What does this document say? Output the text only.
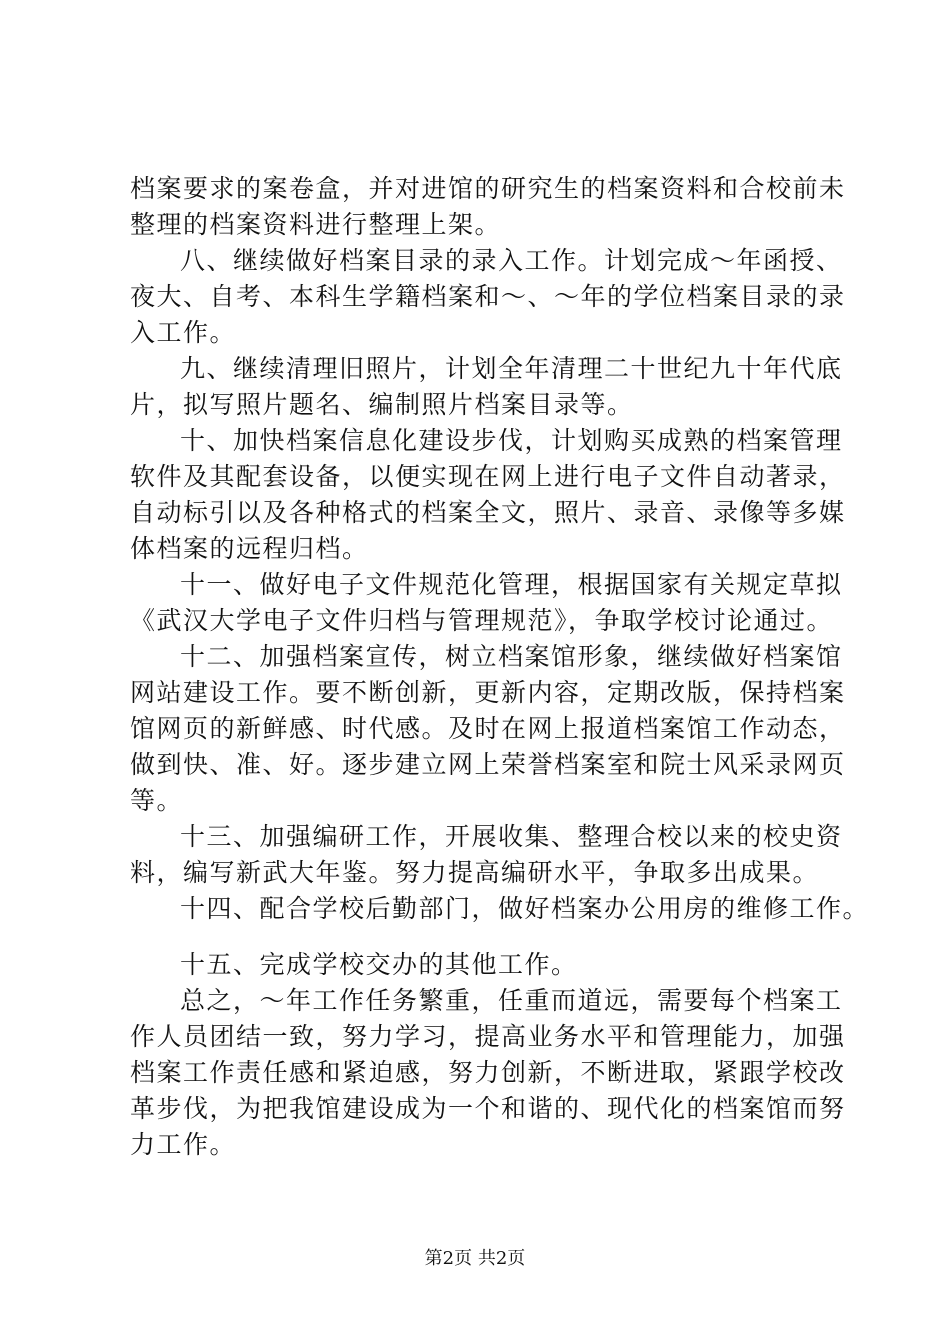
档案要求的案卷盒，并对进馆的研究生的档案资料和合校前未
整理的档案资料进行整理上架。
八、继续做好档案目录的录入工作。计划完成～年函授、
夜大、自考、本科生学籍档案和～、～年的学位档案目录的录
入工作。
九、继续清理旧照片，计划全年清理二十世纪九十年代底
片，拟写照片题名、编制照片档案目录等。
十、加快档案信息化建设步伐，计划购买成熟的档案管理
软件及其配套设备，以便实现在网上进行电子文件自动著录，
自动标引以及各种格式的档案全文，照片、录音、录像等多媒
体档案的远程归档。
十一、做好电子文件规范化管理，根据国家有关规定草拟
《武汉大学电子文件归档与管理规范》，争取学校讨论通过。
十二、加强档案宣传，树立档案馆形象，继续做好档案馆
网站建设工作。要不断创新，更新内容，定期改版，保持档案
馆网页的新鲜感、时代感。及时在网上报道档案馆工作动态，
做到快、准、好。逐步建立网上荣誉档案室和院士风采录网页
等。
十三、加强编研工作，开展收集、整理合校以来的校史资
料，编写新武大年鉴。努力提高编研水平，争取多出成果。
十四、配合学校后勤部门，做好档案办公用房的维修工作。
十五、完成学校交办的其他工作。
总之，～年工作任务繁重，任重而道远，需要每个档案工
作人员团结一致，努力学习，提高业务水平和管理能力，加强
档案工作责任感和紧迫感，努力创新，不断进取，紧跟学校改
革步伐，为把我馆建设成为一个和谐的、现代化的档案馆而努
力工作。
第2页 共2页
